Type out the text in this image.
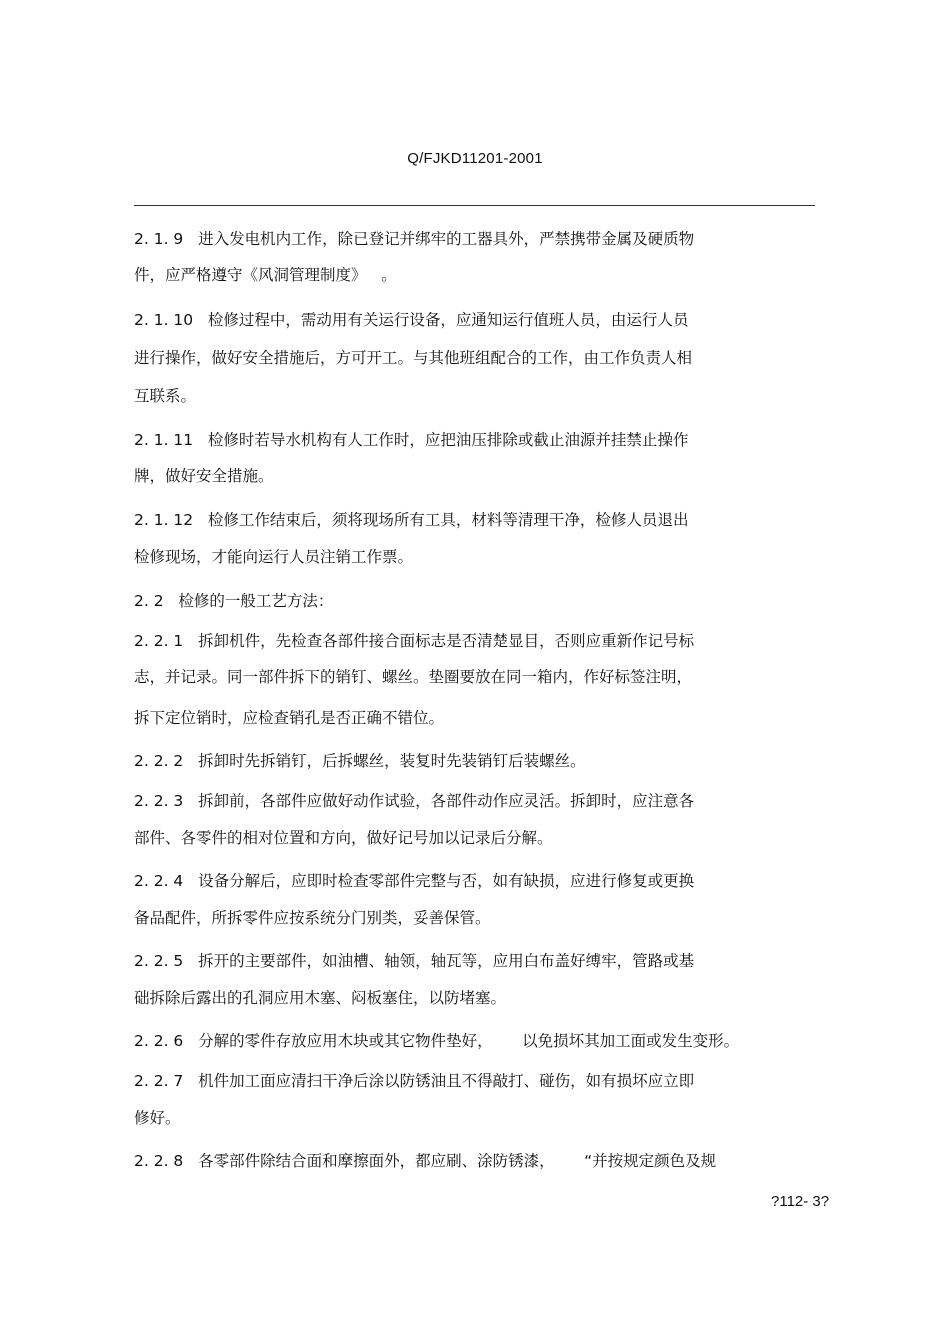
Q/FJKD11201-2001
2. 1. 9   进入发电机内工作，除已登记并绑牢的工器具外，严禁携带金属及硬质物
件，应严格遵守《风洞管理制度》   。
2. 1. 10   检修过程中，需动用有关运行设备，应通知运行值班人员，由运行人员
进行操作，做好安全措施后，方可开工。与其他班组配合的工作，由工作负责人相
互联系。
2. 1. 11   检修时若导水机构有人工作时，应把油压排除或截止油源并挂禁止操作
牌，做好安全措施。
2. 1. 12   检修工作结束后，须将现场所有工具，材料等清理干净，检修人员退出
检修现场，才能向运行人员注销工作票。
2. 2   检修的一般工艺方法：
2. 2. 1   拆卸机件，先检查各部件接合面标志是否清楚显目，否则应重新作记号标
志，并记录。同一部件拆下的销钉、螺丝。垫圈要放在同一箱内，作好标签注明，
拆下定位销时，应检查销孔是否正确不错位。
2. 2. 2   拆卸时先拆销钉，后拆螺丝，装复时先装销钉后装螺丝。
2. 2. 3   拆卸前，各部件应做好动作试验，各部件动作应灵活。拆卸时，应注意各
部件、各零件的相对位置和方向，做好记号加以记录后分解。
2. 2. 4   设备分解后，应即时检查零部件完整与否，如有缺损，应进行修复或更换
备品配件，所拆零件应按系统分门别类，妥善保管。
2. 2. 5   拆开的主要部件，如油槽、轴领，轴瓦等，应用白布盖好缚牢，管路或基
础拆除后露出的孔洞应用木塞、闷板塞住，以防堵塞。
2. 2. 6   分解的零件存放应用木块或其它物件垫好，      以免损坏其加工面或发生变形。
2. 2. 7   机件加工面应清扫干净后涂以防锈油且不得敲打、碰伤，如有损坏应立即
修好。
2. 2. 8   各零部件除结合面和摩擦面外，都应刷、涂防锈漆，      “并按规定颜色及规
?112- 3?
